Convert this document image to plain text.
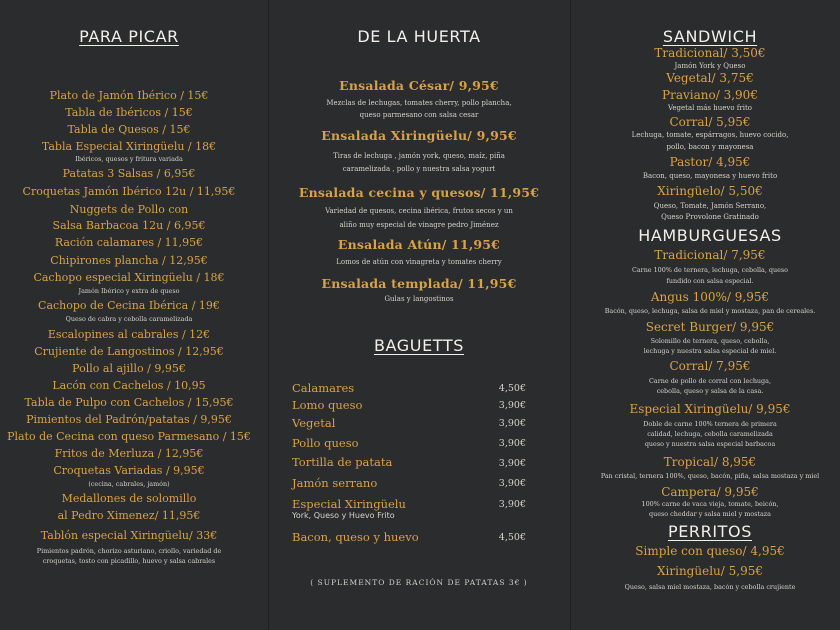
PARA PICAR
Plato de Jamón Ibérico / 15€
Tabla de Ibéricos / 15€
Tabla de Quesos / 15€
Tabla Especial Xiringüelu / 18€
Ibéricos, quesos y fritura variada
Patatas 3 Salsas / 6,95€
Croquetas Jamón Ibérico 12u / 11,95€
Nuggets de Pollo con
Salsa Barbacoa 12u / 6,95€
Ración calamares / 11,95€
Chipirones plancha / 12,95€
Cachopo especial Xiringüelu / 18€
Jamón Ibérico y extra de queso
Cachopo de Cecina Ibérica / 19€
Queso de cabra y cebolla caramelizada
Escalopines al cabrales / 12€
Crujiente de Langostinos / 12,95€
Pollo al ajillo / 9,95€
Lacón con Cachelos / 10,95
Tabla de Pulpo con Cachelos / 15,95€
Pimientos del Padrón/patatas / 9,95€
Plato de Cecina con queso Parmesano / 15€
Fritos de Merluza / 12,95€
Croquetas Variadas / 9,95€
(cecina, cabrales, jamón)
Medallones de solomillo
al Pedro Ximenez/ 11,95€
Tablón especial Xiringüelu/ 33€
Pimientos padrón, chorizo asturiano, criollo, variedad de
croquetas, tosto con picadillo, huevo y salsa cabrales
DE LA HUERTA
Ensalada César/ 9,95€
Mezclas de lechugas, tomates cherry, pollo plancha,
queso parmesano con salsa cesar
Ensalada Xiringüelu/ 9,95€
Tiras de lechuga , jamón york, queso, maíz, piña
caramelizada , pollo y nuestra salsa yogurt
Ensalada cecina y quesos/ 11,95€
Variedad de quesos, cecina ibérica, frutos secos y un
aliño muy especial de vinagre pedro Jiménez
Ensalada Atún/ 11,95€
Lomos de atún con vinagreta y tomates cherry
Ensalada templada/ 11,95€
Gulas y langostinos
BAGUETTS
Calamares	4,50€
Lomo queso	3,90€
Vegetal	3,90€
Pollo queso	3,90€
Tortilla de patata	3,90€
Jamón serrano	3,90€
Especial Xiringüelu	3,90€
York, Queso y Huevo Frito
Bacon, queso y huevo	4,50€
( SUPLEMENTO DE RACIÓN DE PATATAS 3€ )
SANDWICH
Tradicional/ 3,50€
Jamón York y Queso
Vegetal/ 3,75€
Praviano/ 3,90€
Vegetal más huevo frito
Corral/ 5,95€
Lechuga, tomate, espárragos, huevo cocido,
pollo, bacon y mayonesa
Pastor/ 4,95€
Bacon, queso, mayonesa y huevo frito
Xiringüelo/ 5,50€
Queso, Tomate, Jamón Serrano,
Queso Provolone Gratinado
HAMBURGUESAS
Tradicional/ 7,95€
Carne 100% de ternera, lechuga, cebolla, queso
fundido con salsa especial.
Angus 100%/ 9,95€
Bacón, queso, lechuga, salsa de miel y mostaza, pan de cereales.
Secret Burger/ 9,95€
Solomillo de ternera, queso, cebolla,
lechuga y nuestra salsa especial de miel.
Corral/ 7,95€
Carne de pollo de corral con lechuga,
cebolla, queso y salsa de la casa.
Especial Xiringüelu/ 9,95€
Doble de carne 100% ternera de primera
calidad, lechuga, cebolla caramelizada
queso y nuestra salsa especial barbacoa
Tropical/ 8,95€
Pan cristal, ternera 100%, queso, bacón, piña, salsa mostaza y miel
Campera/ 9,95€
100% carne de vaca vieja, tomate, beicón,
queso cheddar y salsa miel y mostaza
PERRITOS
Simple con queso/ 4,95€
Xiringüelu/ 5,95€
Queso, salsa miel mostaza, bacón y cebolla crujiente
